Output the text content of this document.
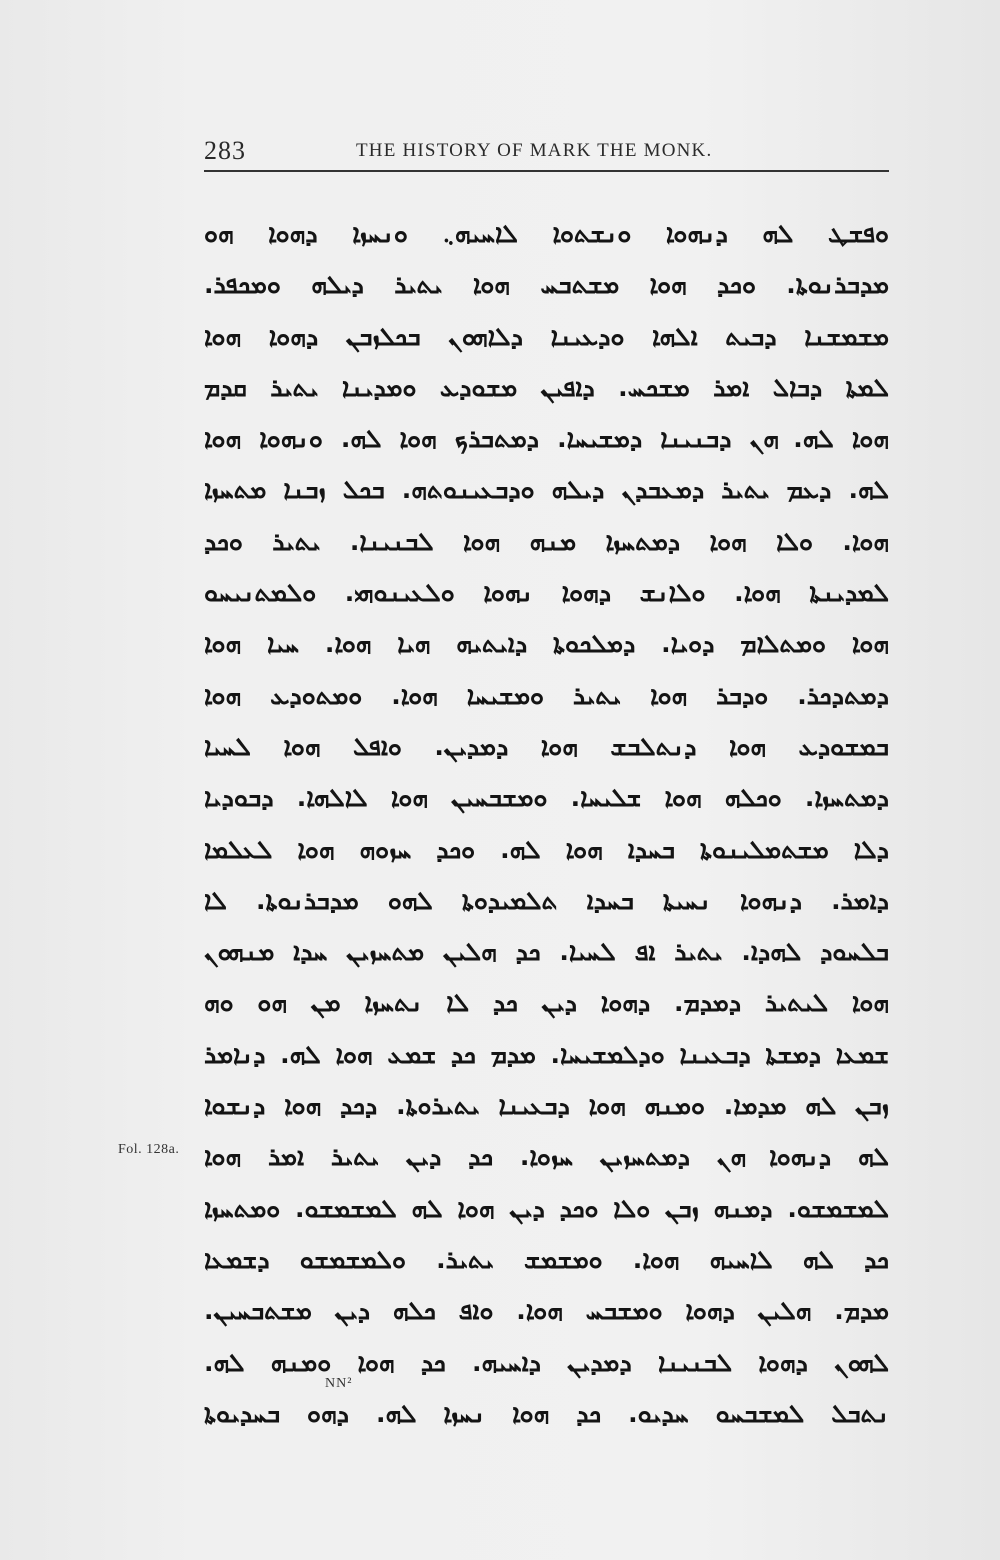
283	THE HISTORY OF MARK THE MONK.
ܘܦܫܛ ܠܗ ܕܢܗܘܐ ܘܢܫܬܘܐ ܠܐܚܝܗ܆ ܘܢܚܙܐ ܕܗܘܐ ܗܘ
ܡܕܒܪܢܘܬܐ. ܘܟܕ ܗܘܐ ܡܫܬܒܚ ܗܘܐ ܝܬܝܪ ܕܝܠܗ ܘܡܟܦܪ.
ܡܫܡܫܢܐ ܕܒܝܬ ܐܠܗܐ ܘܕܥܝܢܐ ܕܠܐܗܘܢ ܒܟܠܙܒܢ ܕܗܘܐ ܗܘܐ
ܠܡܬܐ ܕܒܐܠ ܐܡܪ ܡܫܟܚ. ܕܐܦܝܢ ܡܫܘܕܥ ܘܡܕܝܢܐ ܝܬܝܪ ܩܕܡ
ܗܘܐ ܠܗ. ܗܢ ܕܒܢܝܢܐ ܕܡܫܝܚܐ. ܕܡܬܒܪܟ ܗܘܐ ܠܗ. ܘܢܗܘܐ ܗܘܐ
ܠܗ. ܕܥܡ ܝܬܝܪ ܕܡܥܒܕܢ ܕܝܠܗ ܘܕܒܥܝܢܘܬܗ. ܒܟܠ ܙܒܢܐ ܡܬܚܙܐ
ܗܘܐ. ܘܠܐ ܗܘܐ ܕܡܬܚܙܐ ܡܢܗ ܗܘܐ ܠܒܢܝܢܐ. ܝܬܝܪ ܘܟܕ
ܠܡܕܝܢܬܐ ܗܘܐ. ܘܠܐܢܫ ܕܗܘܐ ܢܗܘܐ ܘܠܥܝܢܘܗܝ. ܘܠܡܬܢܝܚܘ
ܗܘܐ ܘܡܬܠܐܡ ܕܘܝܐ. ܕܡܠܟܘܬܐ ܕܐܝܬܝܗ ܗܝܐ ܗܘܐ. ܚܝܐ ܗܘܐ
ܕܡܬܕܟܪ. ܘܕܒܪ ܗܘܐ ܝܬܝܪ ܘܡܫܝܚܐ ܗܘܐ. ܘܡܬܘܕܥ ܗܘܐ
ܒܡܫܘܕܥ ܗܘܐ ܕܢܬܠܒܫ ܗܘܐ ܕܡܕܝܢ. ܘܐܦܠ ܗܘܐ ܠܚܝܐ
ܕܡܬܚܙܐ. ܘܟܠܗ ܗܘܐ ܫܠܝܚܐ. ܘܡܫܒܚܝܢ ܗܘܐ ܠܐܠܗܐ. ܕܒܘܕܝܐ
ܕܠܐ ܡܫܬܡܠܝܢܘܬܐ ܒܚܕܐ ܗܘܐ ܠܗ. ܘܟܕ ܚܙܘܗ ܗܘܐ ܠܥܠܡܐ
ܕܐܡܪ. ܕܢܗܘܐ ܢܚܝܬܐ ܒܚܕܐ ܬܠܡܝܕܘܬܐ ܠܗܘ ܡܕܒܪܢܘܬܐ. ܠܐ
ܒܠܚܘܕ ܠܗܕܐ. ܝܬܝܪ ܐܦ ܠܚܝܐ. ܟܕ ܗܠܝܢ ܡܬܚܙܝܢ ܚܕܐ ܡܢܗܘܢ
ܗܘܐ ܠܝܬܝܪ ܕܡܕܡ. ܕܗܘܐ ܕܝܢ ܟܕ ܠܐ ܢܬܚܙܐ ܡܢ ܗܘ ܘܗ
ܫܡܥܐ ܕܡܫܬܐ ܕܒܥܝܢܐ ܘܕܠܡܫܝܚܐ. ܡܕܡ ܟܕ ܫܡܥ ܗܘܐ ܠܗ. ܕܢܐܡܪ
ܙܒܢ ܠܗ ܡܕܡܐ. ܘܡܢܗ ܗܘܐ ܕܒܥܝܢܐ ܝܬܝܪܘܬܐ. ܕܟܕ ܗܘܐ ܕܢܫܘܐ
ܠܗ ܕܢܗܘܐ ܗܢ ܕܡܬܚܙܝܢ ܚܙܘܐ. ܟܕ ܕܝܢ ܝܬܝܪ ܐܡܪ ܗܘܐ
ܠܡܫܡܫܘ. ܕܡܢܗ ܙܒܢ ܘܠܐ ܘܟܕ ܕܝܢ ܗܘܐ ܠܗ ܠܡܫܡܫܘ. ܘܡܬܚܙܐ
ܟܕ ܠܗ ܠܐܚܝܗ ܗܘܐ. ܘܡܫܡܫ ܝܬܝܪ. ܘܠܡܫܡܫܘ ܕܫܡܥܐ
ܡܕܡ. ܗܠܝܢ ܕܗܘܐ ܘܡܫܒܚ ܗܘܐ. ܘܐܦ ܟܠܗ ܕܝܢ ܡܫܬܒܚܝܢ.
ܠܗܘܢ ܕܗܘܐ ܠܒܢܝܢܐ ܕܡܕܝܢ ܕܐܚܝܗ. ܟܕ ܗܘܐ ܘܡܢܗ ܠܗ.
ܢܬܒܠ ܠܡܫܒܚܘ ܚܕܝܘ. ܟܕ ܗܘܐ ܢܚܙܐ ܠܗ. ܕܗܘ ܒܚܕܝܘܬܐ
Fol. 128a.
NN²
